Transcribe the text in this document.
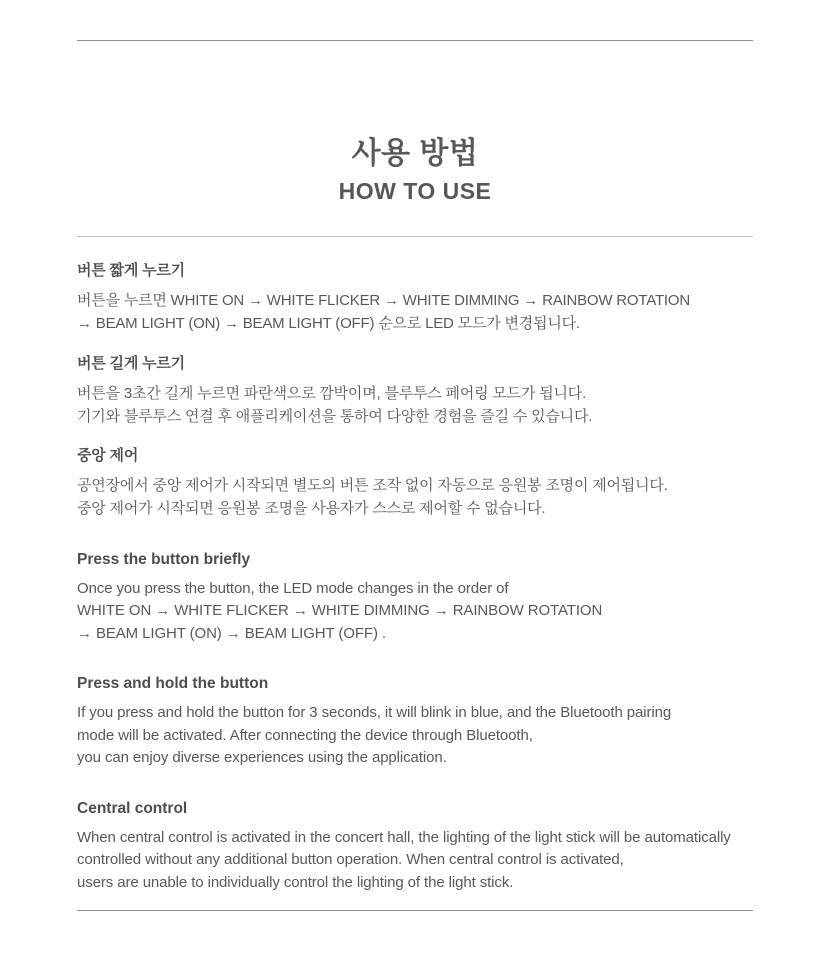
사용 방법
HOW TO USE

버튼 짧게 누르기

버튼을 누르면 WHITE ON → WHITE FLICKER → WHITE DIMMING → RAINBOW ROTATION

→ BEAM LIGHT (ON) → BEAM LIGHT (OFF) 순으로 LED 모드가 변경됩니다.

버튼 길게 누르기

버튼을 3초간 길게 누르면 파란색으로 깜박이며, 블루투스 페어링 모드가 됩니다.

기기와 블루투스 연결 후 애플리케이션을 통하여 다양한 경험을 즐길 수 있습니다.

중앙 제어

공연장에서 중앙 제어가 시작되면 별도의 버튼 조작 없이 자동으로 응원봉 조명이 제어됩니다.

중앙 제어가 시작되면 응원봉 조명을 사용자가 스스로 제어할 수 없습니다.

Press the button briefly

Once you press the button, the LED mode changes in the order of

WHITE ON → WHITE FLICKER → WHITE DIMMING → RAINBOW ROTATION

→ BEAM LIGHT (ON) → BEAM LIGHT (OFF) .

Press and hold the button

If you press and hold the button for 3 seconds, it will blink in blue, and the Bluetooth pairing

mode will be activated. After connecting the device through Bluetooth,

you can enjoy diverse experiences using the application.

Central control

When central control is activated in the concert hall, the lighting of the light stick will be automatically

controlled without any additional button operation. When central control is activated,

users are unable to individually control the lighting of the light stick.
